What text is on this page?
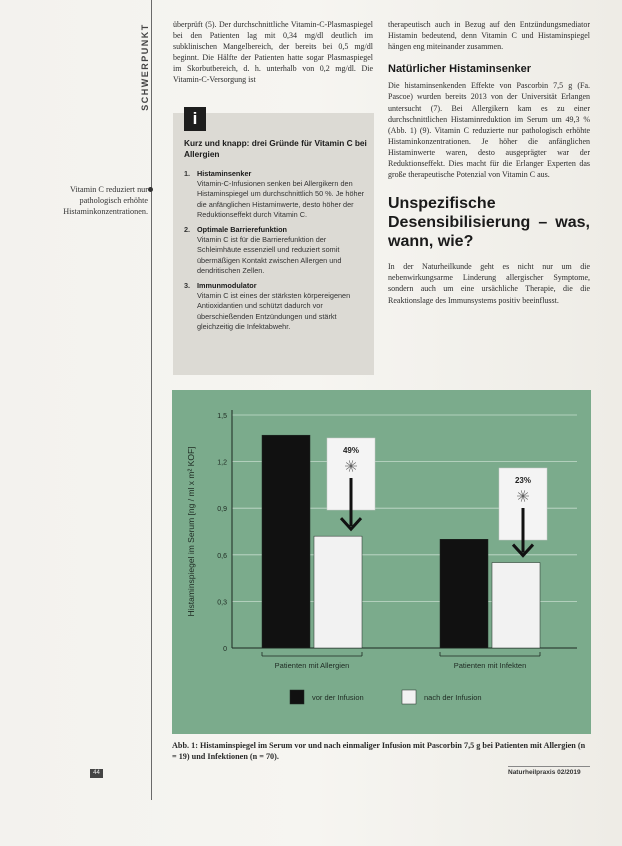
SCHWERPUNKT
Vitamin C reduziert nur pathologisch erhöhte Histaminkonzentrationen.

überprüft (5). Der durchschnittliche Vitamin-C-Plasmaspiegel bei den Patienten lag mit 0,34 mg/dl deutlich im subklinischen Mangelbereich, der bereits bei 0,5 mg/dl beginnt. Die Hälfte der Patienten hatte sogar Plasmaspiegel im Skorbutbereich, d. h. unterhalb von 0,2 mg/dl. Die Vitamin-C-Versorgung ist

i
Kurz und knapp: drei Gründe für Vitamin C bei Allergien
1. Histaminsenker
Vitamin-C-Infusionen senken bei Allergikern den Histaminspiegel um durchschnittlich 50 %. Je höher die anfänglichen Histaminwerte, desto höher der Reduktionseffekt durch Vitamin C.
2. Optimale Barrierefunktion
Vitamin C ist für die Barrierefunktion der Schleimhäute essenziell und reduziert somit übermäßigen Kontakt zwischen Allergen und dendritischen Zellen.
3. Immunmodulator
Vitamin C ist eines der stärksten körpereigenen Antioxidantien und schützt dadurch vor überschießenden Entzündungen und stärkt gleichzeitig die Infektabwehr.

therapeutisch auch in Bezug auf den Entzündungsmediator Histamin bedeutend, denn Vitamin C und Histaminspiegel hängen eng miteinander zusammen.

Natürlicher Histaminsenker

Die histaminsenkenden Effekte von Pascorbin 7,5 g (Fa. Pascoe) wurden bereits 2013 von der Universität Erlangen untersucht (7). Bei Allergikern kam es zu einer durchschnittlichen Histaminreduktion im Serum um 49,3 % (Abb. 1) (9). Vitamin C reduzierte nur pathologisch erhöhte Histaminkonzentrationen. Je höher die anfänglichen Histaminwerte waren, desto ausgeprägter war der Reduktionseffekt. Dies macht für die Erlanger Experten das große therapeutische Potenzial von Vitamin C aus.

Unspezifische Desensibilisierung – was, wann, wie?

In der Naturheilkunde geht es nicht nur um die nebenwirkungsarme Linderung allergischer Symptome, sondern auch um eine ursächliche Therapie, die die Reaktionslage des Immunsystems positiv beeinflusst.

0
0,3
0,6
0,9
1,2
1,5
Histaminspiegel im Serum [ng / ml x m² KOF]
Patienten mit Allergien	Patienten mit Infekten
49%
23%
vor der Infusion	nach der Infusion
Abb. 1: Histaminspiegel im Serum vor und nach einmaliger Infusion mit Pascorbin 7,5 g bei Patienten mit Allergien (n = 19) und Infektionen (n = 70).
44	Naturheilpraxis 02/2019
